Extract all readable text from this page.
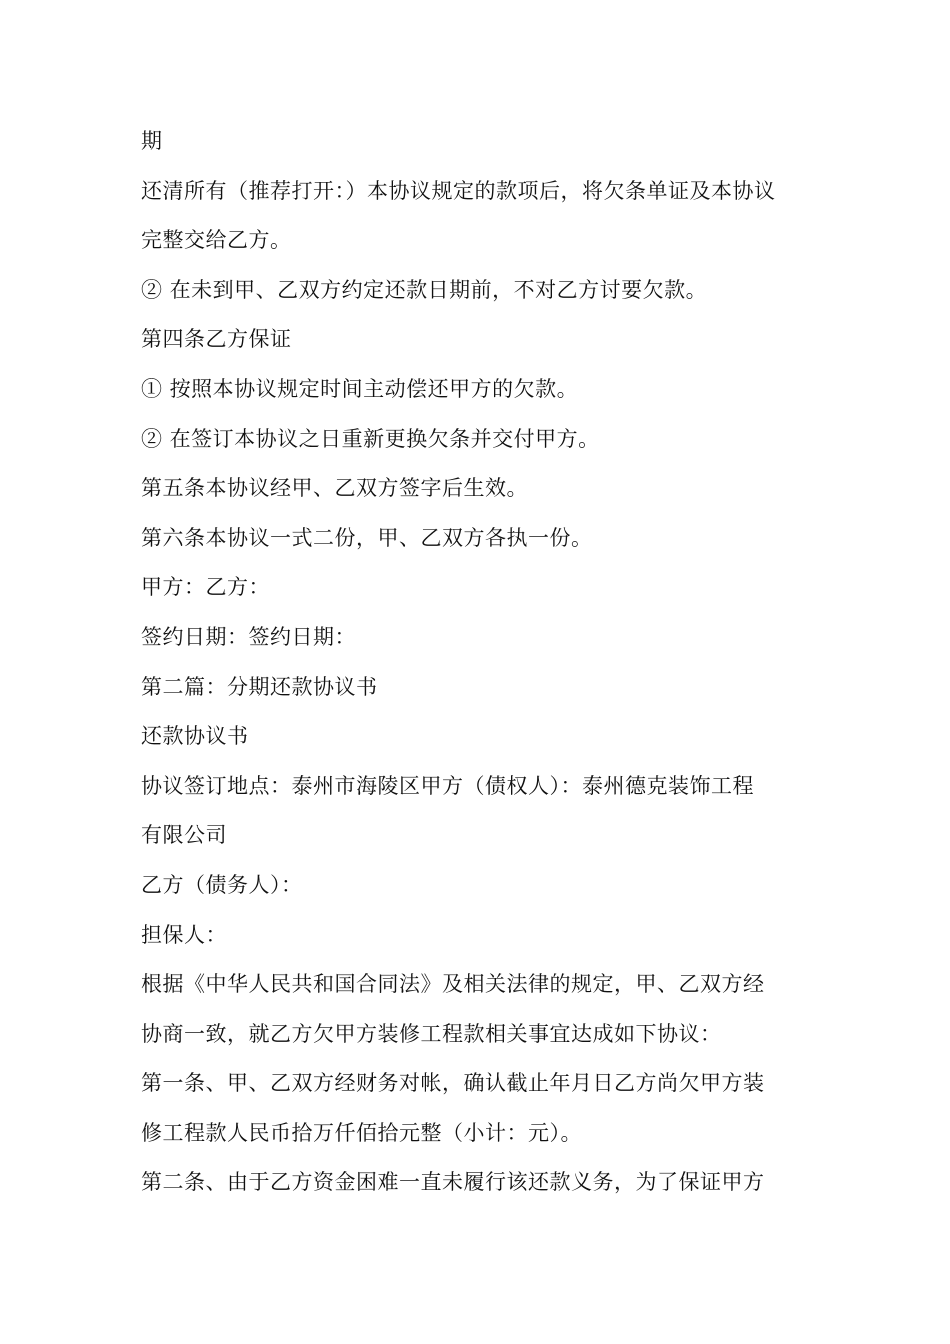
期
还清所有（推荐打开：）本协议规定的款项后，将欠条单证及本协议
完整交给乙方。
② 在未到甲、乙双方约定还款日期前，不对乙方讨要欠款。
第四条乙方保证
① 按照本协议规定时间主动偿还甲方的欠款。
② 在签订本协议之日重新更换欠条并交付甲方。
第五条本协议经甲、乙双方签字后生效。
第六条本协议一式二份，甲、乙双方各执一份。
甲方：乙方：
签约日期：签约日期：
第二篇：分期还款协议书
还款协议书
协议签订地点：泰州市海陵区甲方（债权人）：泰州德克装饰工程
有限公司
乙方（债务人）：
担保人：
根据《中华人民共和国合同法》及相关法律的规定，甲、乙双方经
协商一致，就乙方欠甲方装修工程款相关事宜达成如下协议：
第一条、甲、乙双方经财务对帐，确认截止年月日乙方尚欠甲方装
修工程款人民币拾万仟佰拾元整（小计：元）。
第二条、由于乙方资金困难一直未履行该还款义务，为了保证甲方
